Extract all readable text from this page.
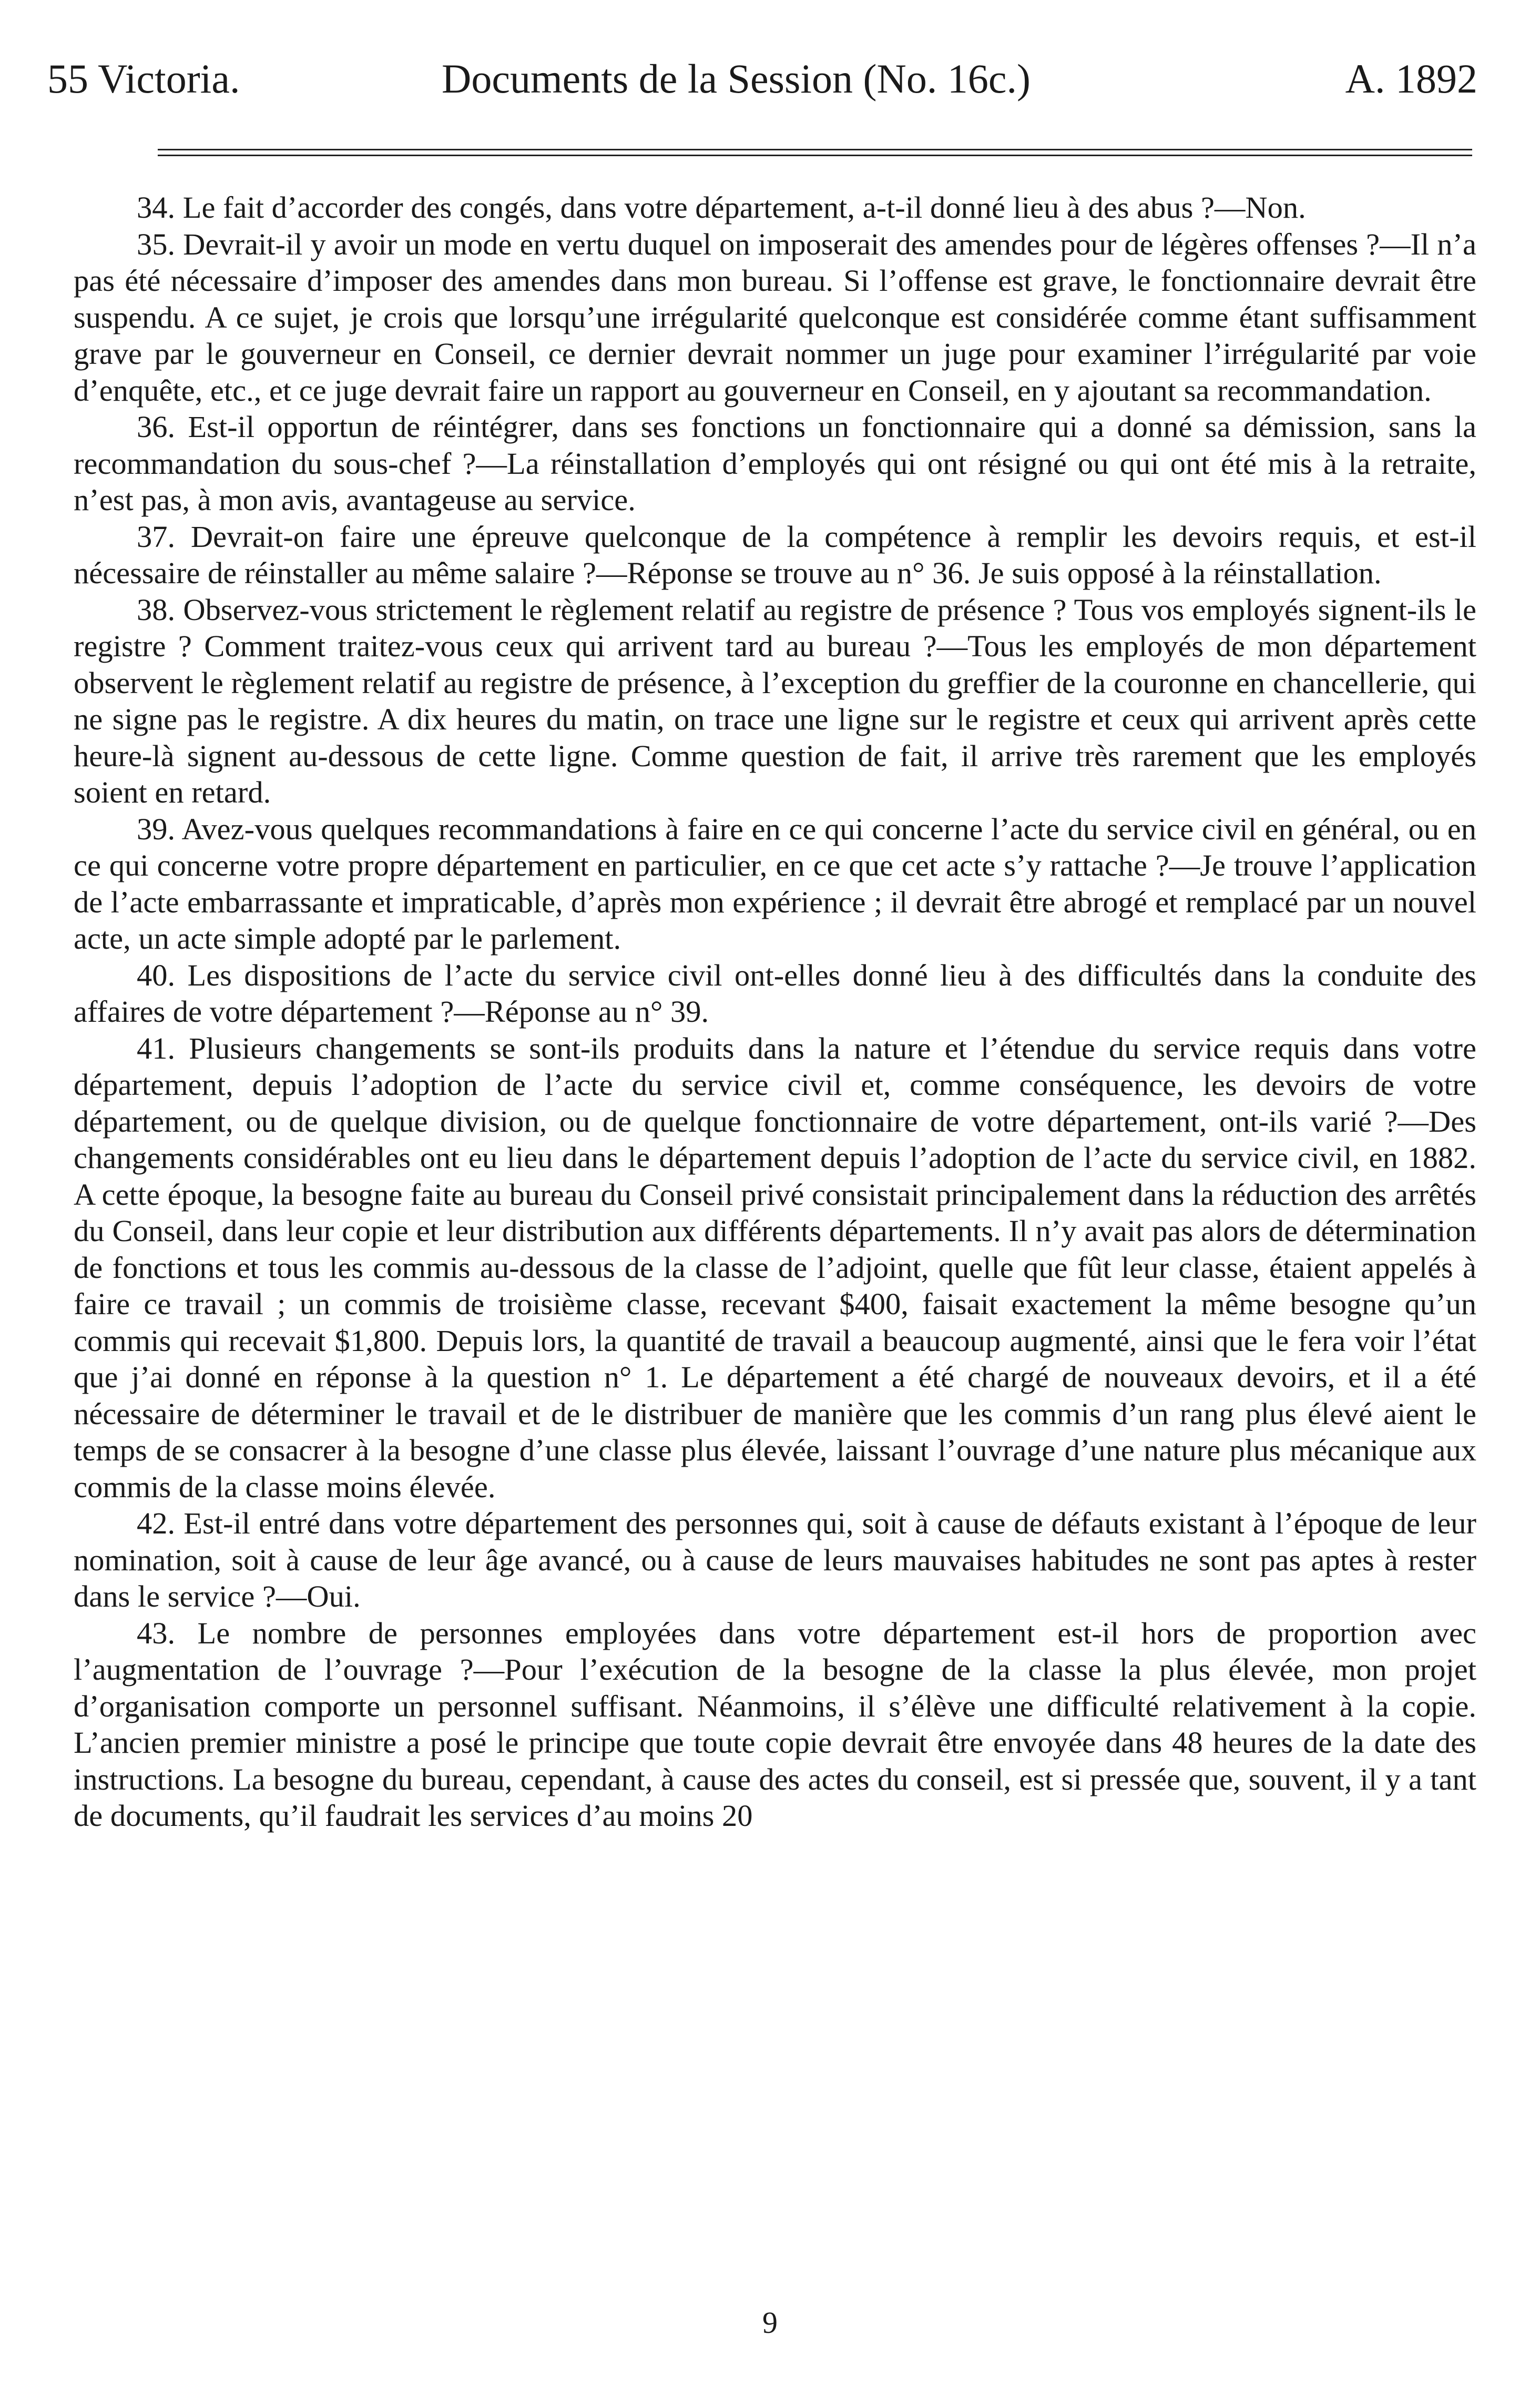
55 Victoria.	Documents de la Session (No. 16c.)	A. 1892

34. Le fait d’accorder des congés, dans votre département, a-t-il donné lieu à des abus ?—Non.

35. Devrait-il y avoir un mode en vertu duquel on imposerait des amendes pour de légères offenses ?—Il n’a pas été nécessaire d’imposer des amendes dans mon bureau. Si l’offense est grave, le fonctionnaire devrait être suspendu. A ce sujet, je crois que lorsqu’une irrégularité quelconque est considérée comme étant suffisamment grave par le gouverneur en Conseil, ce dernier devrait nommer un juge pour examiner l’irrégularité par voie d’enquête, etc., et ce juge devrait faire un rapport au gouverneur en Conseil, en y ajoutant sa recommandation.

36. Est-il opportun de réintégrer, dans ses fonctions un fonctionnaire qui a donné sa démission, sans la recommandation du sous-chef ?—La réinstallation d’employés qui ont résigné ou qui ont été mis à la retraite, n’est pas, à mon avis, avantageuse au service.

37. Devrait-on faire une épreuve quelconque de la compétence à remplir les devoirs requis, et est-il nécessaire de réinstaller au même salaire ?—Réponse se trouve au n° 36. Je suis opposé à la réinstallation.

38. Observez-vous strictement le règlement relatif au registre de présence ? Tous vos employés signent-ils le registre ? Comment traitez-vous ceux qui arrivent tard au bureau ?—Tous les employés de mon département observent le règlement relatif au registre de présence, à l’exception du greffier de la couronne en chancellerie, qui ne signe pas le registre. A dix heures du matin, on trace une ligne sur le registre et ceux qui arrivent après cette heure-là signent au-dessous de cette ligne. Comme question de fait, il arrive très rarement que les employés soient en retard.

39. Avez-vous quelques recommandations à faire en ce qui concerne l’acte du service civil en général, ou en ce qui concerne votre propre département en particulier, en ce que cet acte s’y rattache ?—Je trouve l’application de l’acte embarrassante et impraticable, d’après mon expérience ; il devrait être abrogé et remplacé par un nouvel acte, un acte simple adopté par le parlement.

40. Les dispositions de l’acte du service civil ont-elles donné lieu à des difficultés dans la conduite des affaires de votre département ?—Réponse au n° 39.

41. Plusieurs changements se sont-ils produits dans la nature et l’étendue du service requis dans votre département, depuis l’adoption de l’acte du service civil et, comme conséquence, les devoirs de votre département, ou de quelque division, ou de quelque fonctionnaire de votre département, ont-ils varié ?—Des changements considérables ont eu lieu dans le département depuis l’adoption de l’acte du service civil, en 1882. A cette époque, la besogne faite au bureau du Conseil privé consistait principalement dans la réduction des arrêtés du Conseil, dans leur copie et leur distribution aux différents départements. Il n’y avait pas alors de détermination de fonctions et tous les commis au-dessous de la classe de l’adjoint, quelle que fût leur classe, étaient appelés à faire ce travail ; un commis de troisième classe, recevant $400, faisait exactement la même besogne qu’un commis qui recevait $1,800. Depuis lors, la quantité de travail a beaucoup augmenté, ainsi que le fera voir l’état que j’ai donné en réponse à la question n° 1. Le département a été chargé de nouveaux devoirs, et il a été nécessaire de déterminer le travail et de le distribuer de manière que les commis d’un rang plus élevé aient le temps de se consacrer à la besogne d’une classe plus élevée, laissant l’ouvrage d’une nature plus mécanique aux commis de la classe moins élevée.

42. Est-il entré dans votre département des personnes qui, soit à cause de défauts existant à l’époque de leur nomination, soit à cause de leur âge avancé, ou à cause de leurs mauvaises habitudes ne sont pas aptes à rester dans le service ?—Oui.

43. Le nombre de personnes employées dans votre département est-il hors de proportion avec l’augmentation de l’ouvrage ?—Pour l’exécution de la besogne de la classe la plus élevée, mon projet d’organisation comporte un personnel suffisant. Néanmoins, il s’élève une difficulté relativement à la copie. L’ancien premier ministre a posé le principe que toute copie devrait être envoyée dans 48 heures de la date des instructions. La besogne du bureau, cependant, à cause des actes du conseil, est si pressée que, souvent, il y a tant de documents, qu’il faudrait les services d’au moins 20

9
